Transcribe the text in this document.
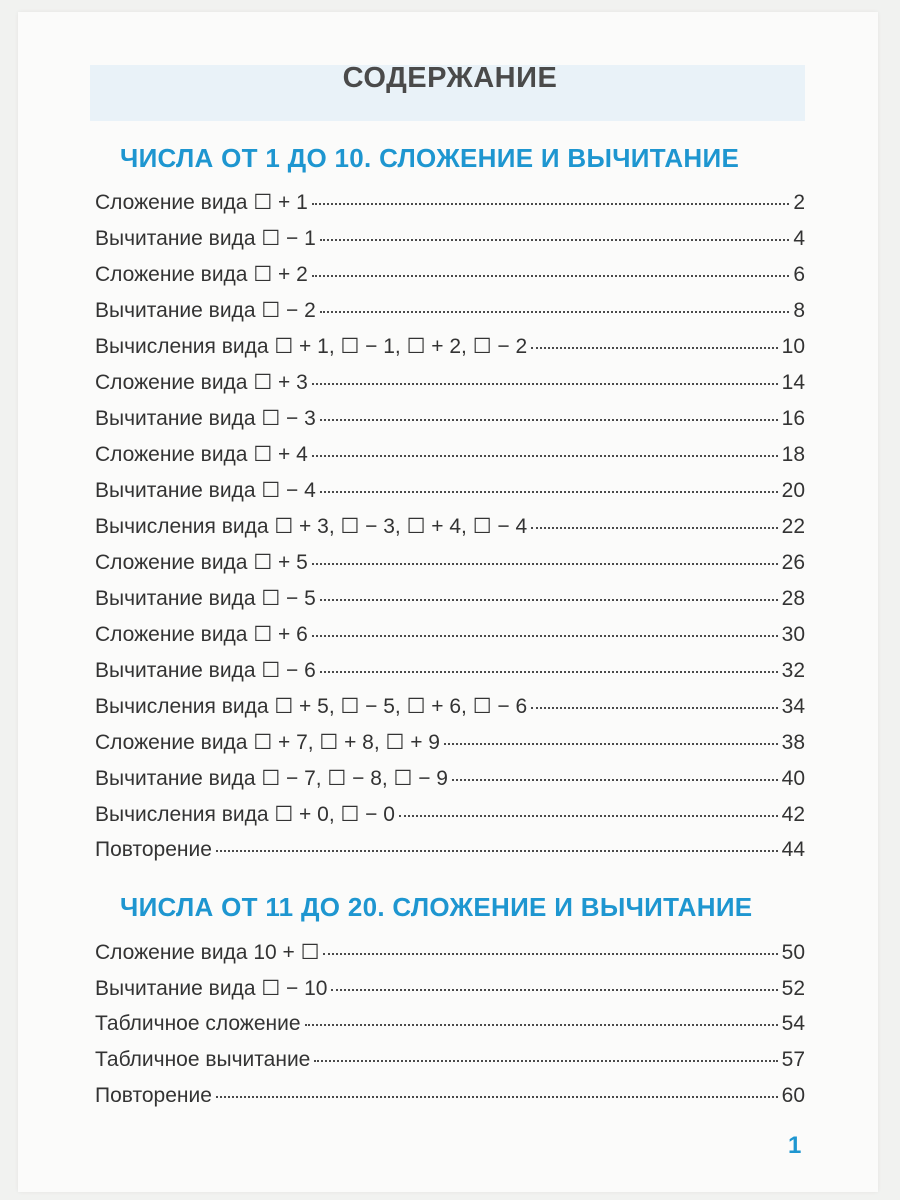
СОДЕРЖАНИЕ
ЧИСЛА ОТ 1 ДО 10. СЛОЖЕНИЕ И ВЫЧИТАНИЕ
Сложение вида ☐ + 1	2
Вычитание вида ☐ − 1	4
Сложение вида ☐ + 2	6
Вычитание вида ☐ − 2	8
Вычисления вида ☐ + 1, ☐ − 1, ☐ + 2, ☐ − 2	10
Сложение вида ☐ + 3	14
Вычитание вида ☐ − 3	16
Сложение вида ☐ + 4	18
Вычитание вида ☐ − 4	20
Вычисления вида ☐ + 3, ☐ − 3, ☐ + 4, ☐ − 4	22
Сложение вида ☐ + 5	26
Вычитание вида ☐ − 5	28
Сложение вида ☐ + 6	30
Вычитание вида ☐ − 6	32
Вычисления вида ☐ + 5, ☐ − 5, ☐ + 6, ☐ − 6	34
Сложение вида ☐ + 7, ☐ + 8, ☐ + 9	38
Вычитание вида ☐ − 7, ☐ − 8, ☐ − 9	40
Вычисления вида ☐ + 0, ☐ − 0	42
Повторение	44
ЧИСЛА ОТ 11 ДО 20. СЛОЖЕНИЕ И ВЫЧИТАНИЕ
Сложение вида 10 + ☐	50
Вычитание вида ☐ − 10	52
Табличное сложение	54
Табличное вычитание	57
Повторение	60
1
